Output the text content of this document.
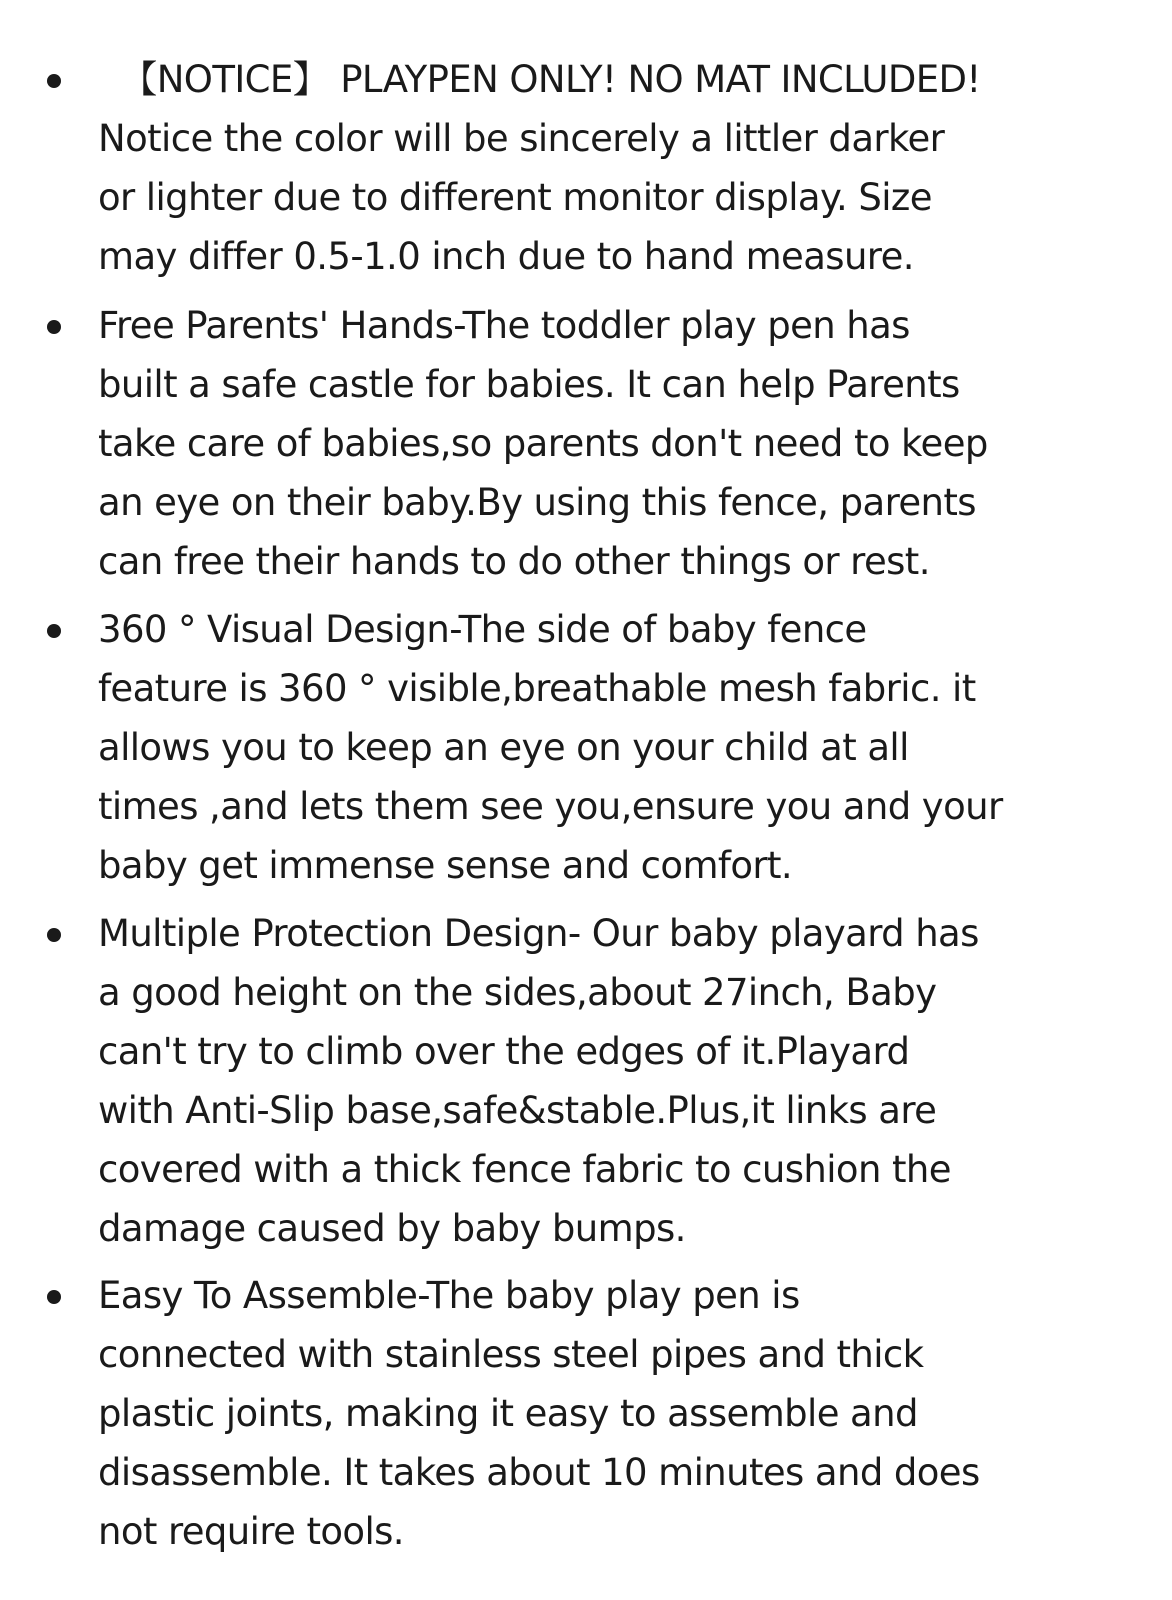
【NOTICE】 PLAYPEN ONLY! NO MAT INCLUDED!
Notice the color will be sincerely a littler darker
or lighter due to different monitor display. Size
may differ 0.5-1.0 inch due to hand measure.

Free Parents' Hands-The toddler play pen has
built a safe castle for babies. It can help Parents
take care of babies,so parents don't need to keep
an eye on their baby.By using this fence, parents
can free their hands to do other things or rest.

360 ° Visual Design-The side of baby fence
feature is 360 ° visible,breathable mesh fabric. it
allows you to keep an eye on your child at all
times ,and lets them see you,ensure you and your
baby get immense sense and comfort.

Multiple Protection Design- Our baby playard has
a good height on the sides,about 27inch, Baby
can't try to climb over the edges of it.Playard
with Anti-Slip base,safe&stable.Plus,it links are
covered with a thick fence fabric to cushion the
damage caused by baby bumps.

Easy To Assemble-The baby play pen is
connected with stainless steel pipes and thick
plastic joints, making it easy to assemble and
disassemble. It takes about 10 minutes and does
not require tools.
